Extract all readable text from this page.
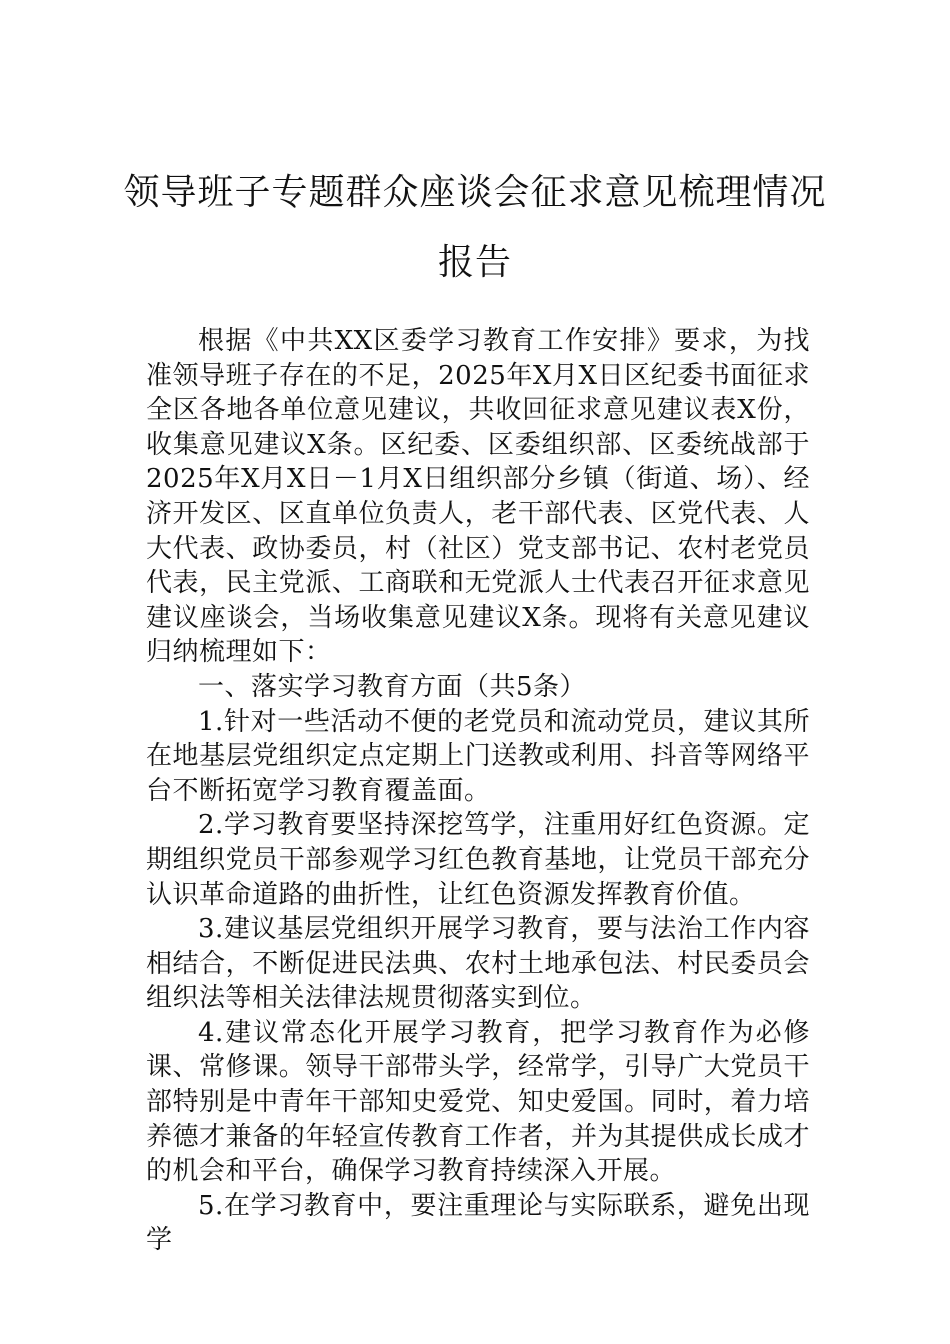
领导班子专题群众座谈会征求意见梳理情况报告

根据《中共XX区委学习教育工作安排》要求，为找准领导班子存在的不足，2025年X月X日区纪委书面征求全区各地各单位意见建议，共收回征求意见建议表X份，收集意见建议X条。区纪委、区委组织部、区委统战部于2025年X月X日－1月X日组织部分乡镇（街道、场）、经济开发区、区直单位负责人，老干部代表、区党代表、人大代表、政协委员，村（社区）党支部书记、农村老党员代表，民主党派、工商联和无党派人士代表召开征求意见建议座谈会，当场收集意见建议X条。现将有关意见建议归纳梳理如下：

一、落实学习教育方面（共5条）

1.针对一些活动不便的老党员和流动党员，建议其所在地基层党组织定点定期上门送教或利用、抖音等网络平台不断拓宽学习教育覆盖面。

2.学习教育要坚持深挖笃学，注重用好红色资源。定期组织党员干部参观学习红色教育基地，让党员干部充分认识革命道路的曲折性，让红色资源发挥教育价值。

3.建议基层党组织开展学习教育，要与法治工作内容相结合，不断促进民法典、农村土地承包法、村民委员会组织法等相关法律法规贯彻落实到位。

4.建议常态化开展学习教育，把学习教育作为必修课、常修课。领导干部带头学，经常学，引导广大党员干部特别是中青年干部知史爱党、知史爱国。同时，着力培养德才兼备的年轻宣传教育工作者，并为其提供成长成才的机会和平台，确保学习教育持续深入开展。

5.在学习教育中，要注重理论与实际联系，避免出现学
